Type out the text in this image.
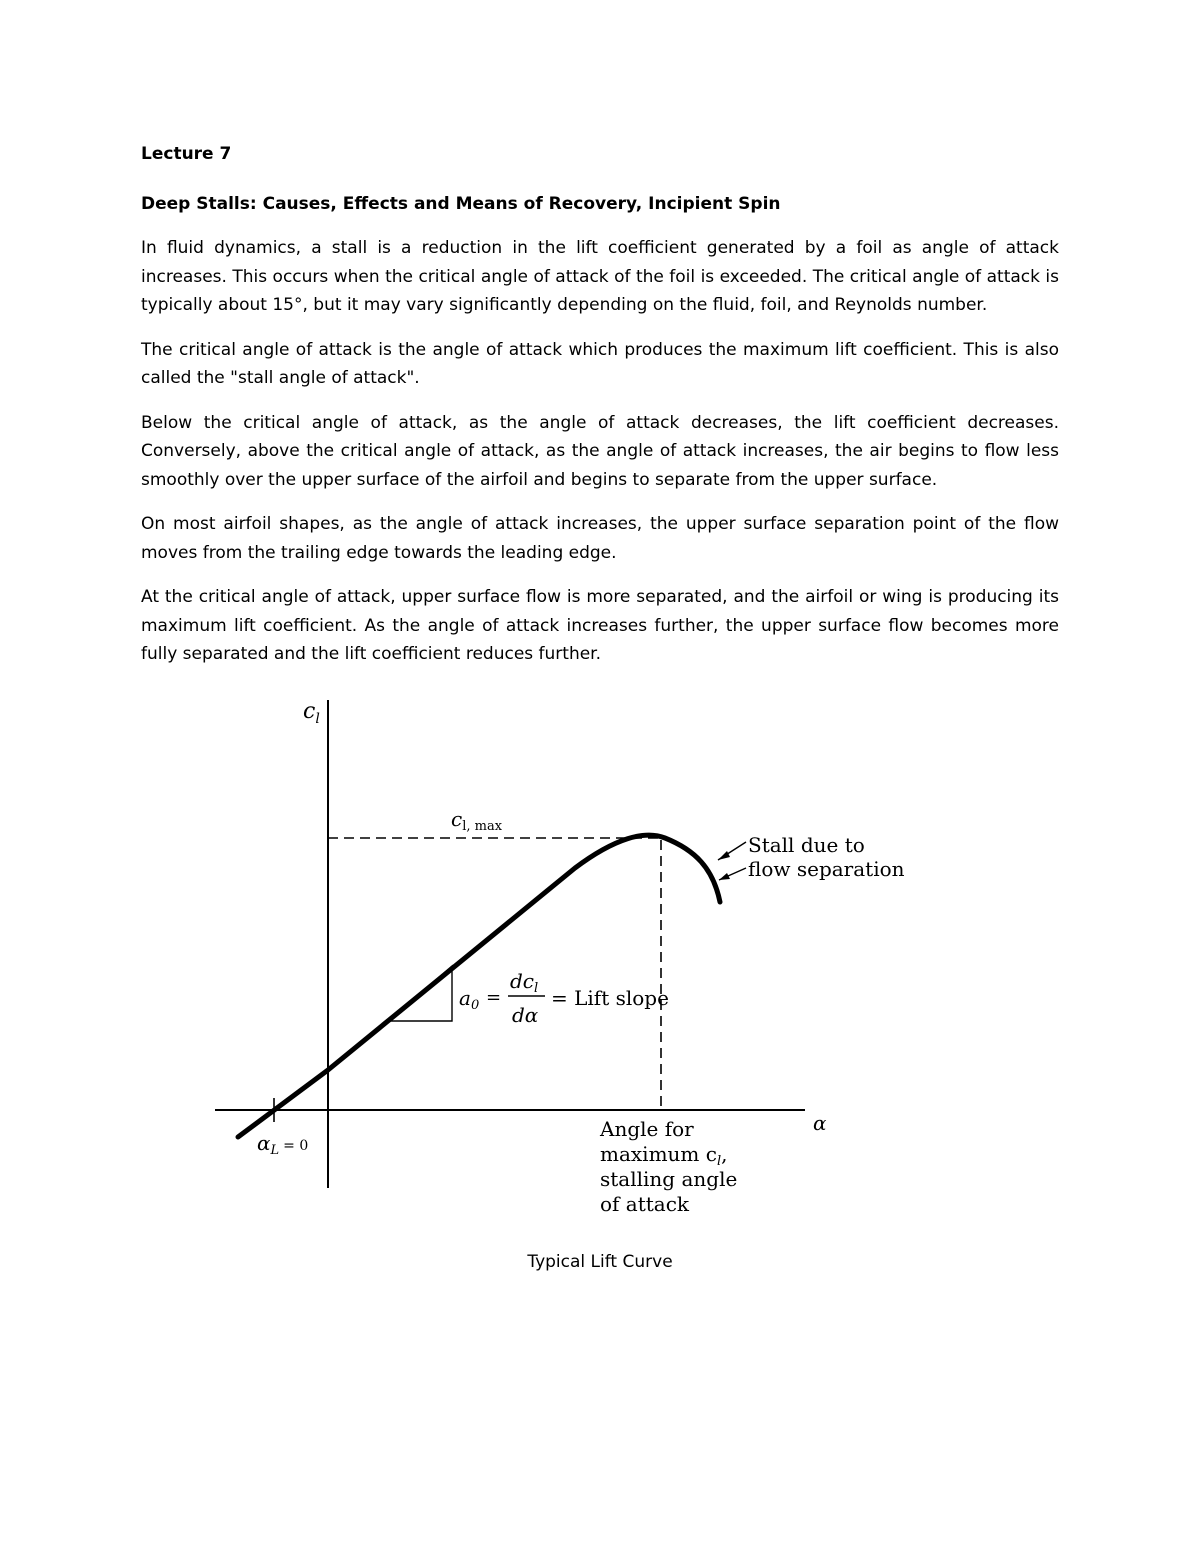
Lecture 7
Deep Stalls: Causes, Effects and Means of Recovery, Incipient Spin

In fluid dynamics, a stall is a reduction in the lift coefficient generated by a foil as angle of attack increases. This occurs when the critical angle of attack of the foil is exceeded. The critical angle of attack is typically about 15°, but it may vary significantly depending on the fluid, foil, and Reynolds number.

The critical angle of attack is the angle of attack which produces the maximum lift coefficient. This is also called the "stall angle of attack".

Below the critical angle of attack, as the angle of attack decreases, the lift coefficient decreases. Conversely, above the critical angle of attack, as the angle of attack increases, the air begins to flow less smoothly over the upper surface of the airfoil and begins to separate from the upper surface.

On most airfoil shapes, as the angle of attack increases, the upper surface separation point of the flow moves from the trailing edge towards the leading edge.

At the critical angle of attack, upper surface flow is more separated, and the airfoil or wing is producing its maximum lift coefficient. As the angle of attack increases further, the upper surface flow becomes more fully separated and the lift coefficient reduces further.

$c_l$
α
$c_{l, max}$
$\alpha_L$ $^{= 0}$
$a_0$ =
$dc_l$
dα
= Lift slope
Stall due to
flow separation
Angle for
maximum $c_l$,
stalling angle
of attack
Typical Lift Curve
